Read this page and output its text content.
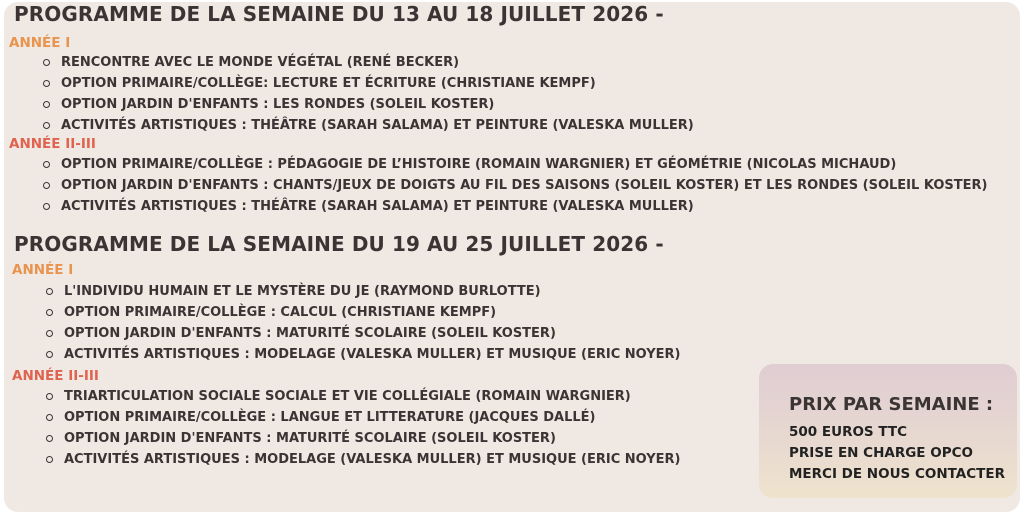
PROGRAMME DE LA SEMAINE DU 13 AU 18 JUILLET 2026 -
ANNÉE I
RENCONTRE AVEC LE MONDE VÉGÉTAL (RENÉ BECKER)
OPTION PRIMAIRE/COLLÈGE: LECTURE ET ÉCRITURE (CHRISTIANE KEMPF)
OPTION JARDIN D'ENFANTS : LES RONDES (SOLEIL KOSTER)
ACTIVITÉS ARTISTIQUES : THÉÂTRE (SARAH SALAMA) ET PEINTURE (VALESKA MULLER)
ANNÉE II-III
OPTION PRIMAIRE/COLLÈGE : PÉDAGOGIE DE L’HISTOIRE (ROMAIN WARGNIER) ET GÉOMÉTRIE (NICOLAS MICHAUD)
OPTION JARDIN D'ENFANTS : CHANTS/JEUX DE DOIGTS AU FIL DES SAISONS (SOLEIL KOSTER) ET LES RONDES (SOLEIL KOSTER)
ACTIVITÉS ARTISTIQUES : THÉÂTRE (SARAH SALAMA) ET PEINTURE (VALESKA MULLER)
PROGRAMME DE LA SEMAINE DU 19 AU 25 JUILLET 2026 -
ANNÉE I
L'INDIVIDU HUMAIN ET LE MYSTÈRE DU JE (RAYMOND BURLOTTE)
OPTION PRIMAIRE/COLLÈGE : CALCUL (CHRISTIANE KEMPF)
OPTION JARDIN D'ENFANTS : MATURITÉ SCOLAIRE (SOLEIL KOSTER)
ACTIVITÉS ARTISTIQUES : MODELAGE (VALESKA MULLER) ET MUSIQUE (ERIC NOYER)
ANNÉE II-III
TRIARTICULATION SOCIALE SOCIALE ET VIE COLLÉGIALE (ROMAIN WARGNIER)
OPTION PRIMAIRE/COLLÈGE : LANGUE ET LITTERATURE (JACQUES DALLÉ)
OPTION JARDIN D'ENFANTS : MATURITÉ SCOLAIRE (SOLEIL KOSTER)
ACTIVITÉS ARTISTIQUES : MODELAGE (VALESKA MULLER) ET MUSIQUE (ERIC NOYER)
PRIX PAR SEMAINE :
500 EUROS TTC
PRISE EN CHARGE OPCO
MERCI DE NOUS CONTACTER
